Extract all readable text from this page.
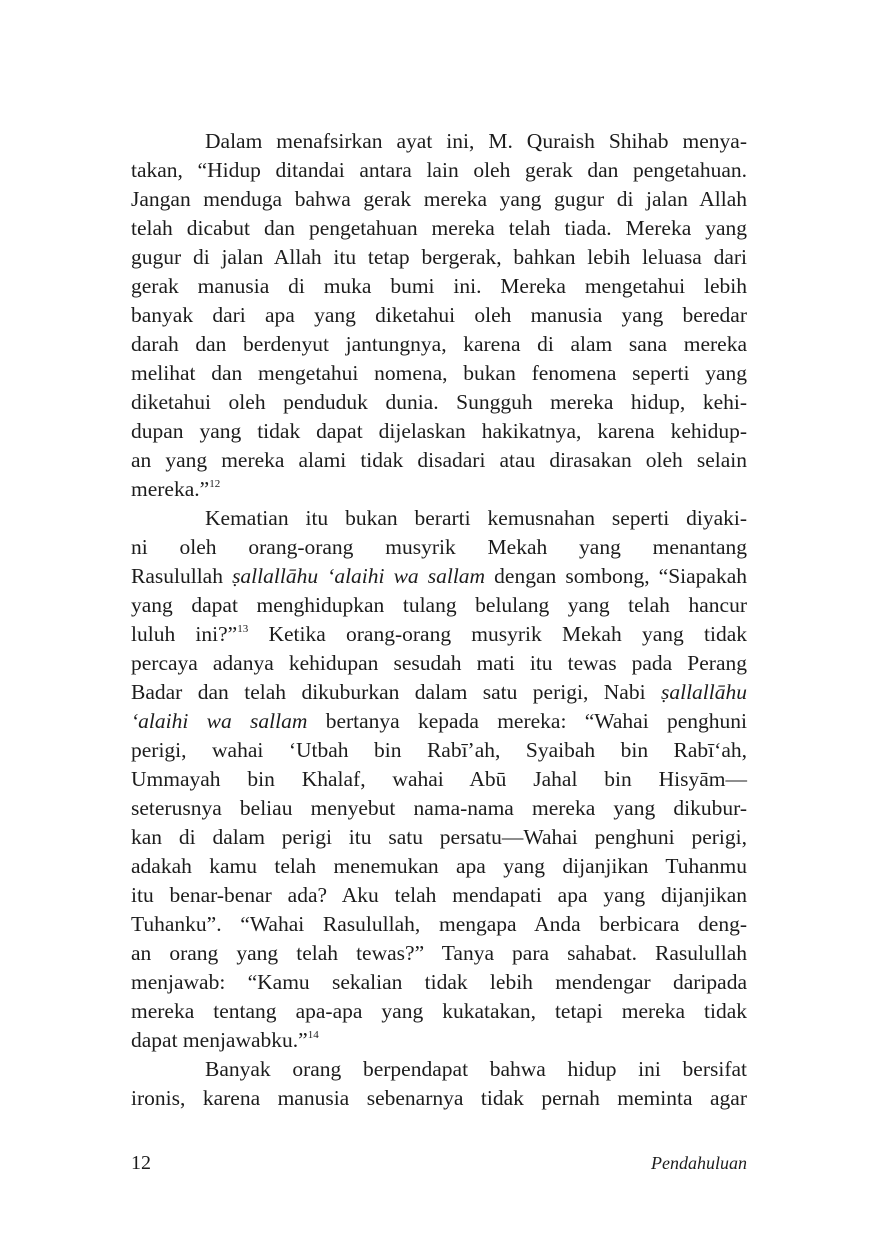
Dalam menafsirkan ayat ini, M. Quraish Shihab menya-
takan, “Hidup ditandai antara lain oleh gerak dan pengetahuan.
Jangan menduga bahwa gerak mereka yang gugur di jalan Allah
telah dicabut dan pengetahuan mereka telah tiada. Mereka yang
gugur di jalan Allah itu tetap bergerak, bahkan lebih leluasa dari
gerak manusia di muka bumi ini. Mereka mengetahui lebih
banyak dari apa yang diketahui oleh manusia yang beredar
darah dan berdenyut jantungnya, karena di alam sana mereka
melihat dan mengetahui nomena, bukan fenomena seperti yang
diketahui oleh penduduk dunia. Sungguh mereka hidup, kehi-
dupan yang tidak dapat dijelaskan hakikatnya, karena kehidup-
an yang mereka alami tidak disadari atau dirasakan oleh selain
mereka.”$^{12}$
Kematian itu bukan berarti kemusnahan seperti diyaki-
ni oleh orang-orang musyrik Mekah yang menantang
Rasulullah ṣallallāhu ‘alaihi wa sallam dengan sombong, “Siapakah
yang dapat menghidupkan tulang belulang yang telah hancur
luluh ini?”$^{13}$ Ketika orang-orang musyrik Mekah yang tidak
percaya adanya kehidupan sesudah mati itu tewas pada Perang
Badar dan telah dikuburkan dalam satu perigi, Nabi ṣallallāhu
‘alaihi wa sallam bertanya kepada mereka: “Wahai penghuni
perigi, wahai ‘Utbah bin Rabī’ah, Syaibah bin Rabī‘ah,
Ummayah bin Khalaf, wahai Abū Jahal bin Hisyām—
seterusnya beliau menyebut nama-nama mereka yang dikubur-
kan di dalam perigi itu satu persatu—Wahai penghuni perigi,
adakah kamu telah menemukan apa yang dijanjikan Tuhanmu
itu benar-benar ada? Aku telah mendapati apa yang dijanjikan
Tuhanku”. “Wahai Rasulullah, mengapa Anda berbicara deng-
an orang yang telah tewas?” Tanya para sahabat. Rasulullah
menjawab: “Kamu sekalian tidak lebih mendengar daripada
mereka tentang apa-apa yang kukatakan, tetapi mereka tidak
dapat menjawabku.”$^{14}$
Banyak orang berpendapat bahwa hidup ini bersifat
ironis, karena manusia sebenarnya tidak pernah meminta agar
12	Pendahuluan
